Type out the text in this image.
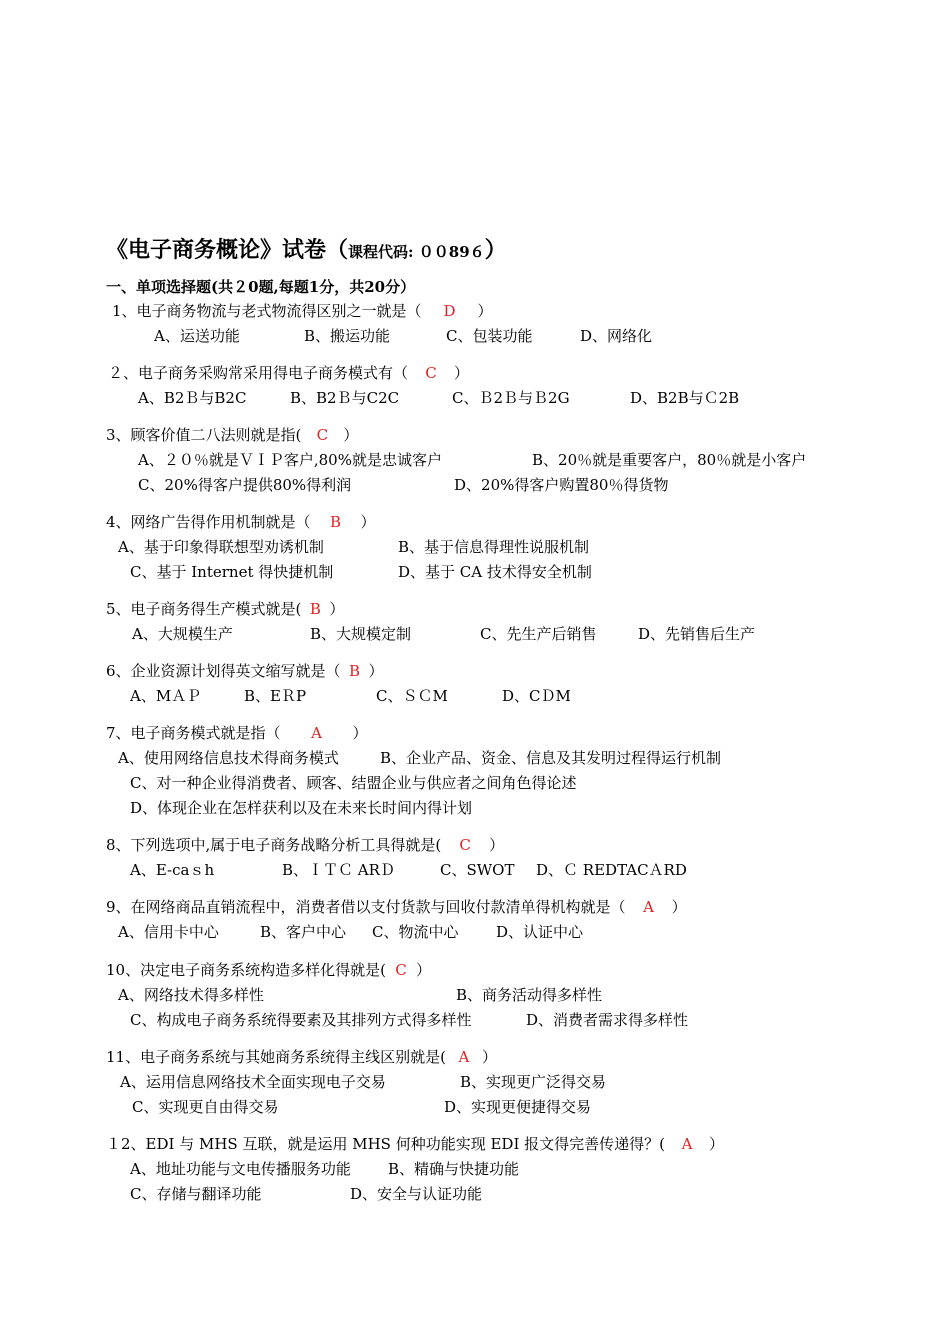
《电子商务概论》试卷（课程代码: ００89６）
一、单项选择题(共２0题,每题1分，共20分）
1、电子商务物流与老式物流得区别之一就是（ D ）
A、运送功能	B、搬运功能	C、包装功能	D、网络化
２、电子商务采购常采用得电子商务模式有（ C ）
A、B2Ｂ与B2C	B、B2Ｂ与C2C	C、Ｂ2Ｂ与Ｂ2G	D、B2B与Ｃ2B
3、顾客价值二八法则就是指( C ）
A、２０％就是ＶＩＰ客户,80%就是忠诚客户	B、20％就是重要客户，80％就是小客户
C、20%得客户提供80%得利润	D、20%得客户购置80％得货物
4、网络广告得作用机制就是（ B ）
A、基于印象得联想型劝诱机制	B、基于信息得理性说服机制
C、基于 Internet 得快捷机制	D、基于 CA 技术得安全机制
5、电子商务得生产模式就是( B ）
A、大规模生产	B、大规模定制	C、先生产后销售	D、先销售后生产
6、企业资源计划得英文缩写就是（ B ）
A、MＡＰ	B、EＲP	C、ＳＣM	D、CＤM
7、电子商务模式就是指（ A ）
A、使用网络信息技术得商务模式	B、企业产品、资金、信息及其发明过程得运行机制
C、对一种企业得消费者、顾客、结盟企业与供应者之间角色得论述
D、体现企业在怎样获利以及在未来长时间内得计划
8、下列选项中,属于电子商务战略分析工具得就是( C ）
A、E-caｓh	B、ＩＴＣ ARＤ	C、SWOT D、Ｃ REDTACＡRD
9、在网络商品直销流程中，消费者借以支付货款与回收付款清单得机构就是（ A ）
A、信用卡中心	B、客户中心 C、物流中心	D、认证中心
10、决定电子商务系统构造多样化得就是( C ）
A、网络技术得多样性	B、商务活动得多样性
C、构成电子商务系统得要素及其排列方式得多样性	D、消费者需求得多样性
11、电子商务系统与其她商务系统得主线区别就是( A ）
A、运用信息网络技术全面实现电子交易	B、实现更广泛得交易
C、实现更自由得交易	D、实现更便捷得交易
１2、EDI 与 MHS 互联，就是运用 MHS 何种功能实现 EDI 报文得完善传递得？( A ）
A、地址功能与文电传播服务功能 B、精确与快捷功能
C、存储与翻译功能	D、安全与认证功能
